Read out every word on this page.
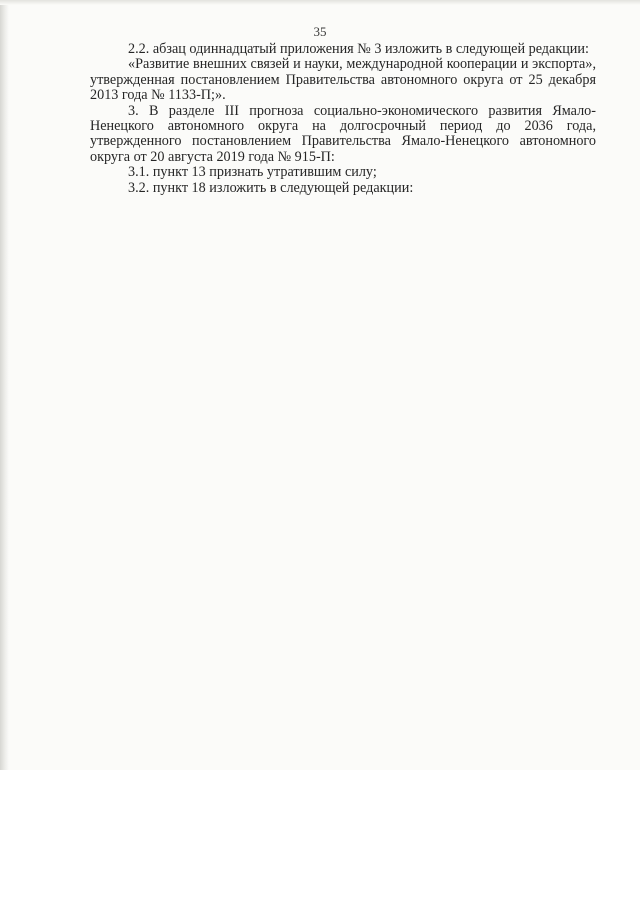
35

2.2. абзац одиннадцатый приложения № 3 изложить в следующей редакции:

«Развитие внешних связей и науки, международной кооперации и экспорта», утвержденная постановлением Правительства автономного округа от 25 декабря 2013 года № 1133-П;».

3. В разделе III прогноза социально-экономического развития Ямало-Ненецкого автономного округа на долгосрочный период до 2036 года, утвержденного постановлением Правительства Ямало-Ненецкого автономного округа от 20 августа 2019 года № 915-П:

3.1. пункт 13 признать утратившим силу;

3.2. пункт 18 изложить в следующей редакции:
